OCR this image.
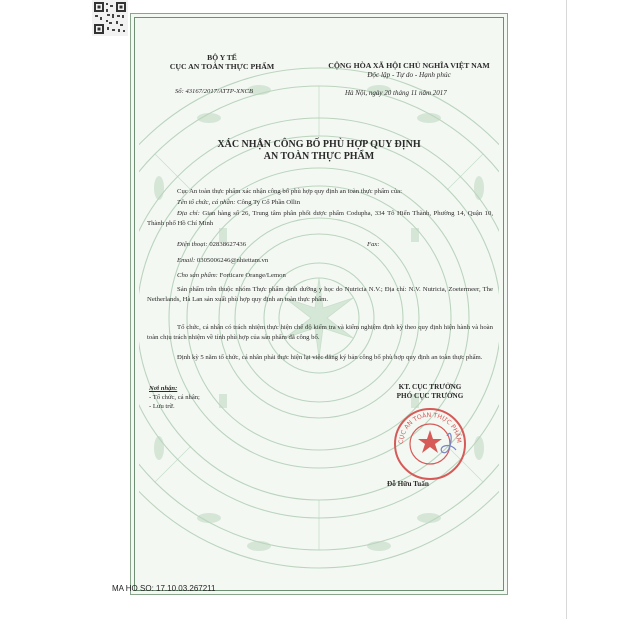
BỘ Y TẾ
CỤC AN TOÀN THỰC PHẨM
Số: 43167/2017/ATTP-XNCB
CỘNG HÒA XÃ HỘI CHỦ NGHĨA VIỆT NAM
Độc lập - Tự do - Hạnh phúc
Hà Nội, ngày 20 tháng 11 năm 2017
XÁC NHẬN CÔNG BỐ PHÙ HỢP QUY ĐỊNH
AN TOÀN THỰC PHẨM
Cục An toàn thực phẩm xác nhận công bố phù hợp quy định an toàn thực phẩm của:
Tên tổ chức, cá nhân: Công Ty Cổ Phần Ollin
Địa chỉ: Gian hàng số 26, Trung tâm phân phối dược phẩm Codupha, 334 Tô Hiến Thành, Phường 14, Quận 10, Thành phố Hồ Chí Minh
Điện thoại: 02838627436	Fax:
Email: 0305006246@nhiettam.vn
Cho sản phẩm: Forticare Orange/Lemon
Sản phẩm trên thuộc nhóm Thực phẩm dinh dưỡng y học do Nutricia N.V.; Địa chỉ: N.V. Nutricia, Zoetermeer, The Netherlands, Hà Lan sản xuất phù hợp quy định an toàn thực phẩm.
Tổ chức, cá nhân có trách nhiệm thực hiện chế độ kiểm tra và kiểm nghiệm định kỳ theo quy định hiện hành và hoàn toàn chịu trách nhiệm về tính phù hợp của sản phẩm đã công bố.
Định kỳ 5 năm tổ chức, cá nhân phải thực hiện lại việc đăng ký bản công bố phù hợp quy định an toàn thực phẩm.
Nơi nhận:
- Tổ chức, cá nhân;
- Lưu trữ.
KT. CỤC TRƯỞNG
PHÓ CỤC TRƯỞNG
CỤC AN TOÀN THỰC PHẨM
Đỗ Hữu Tuấn
MA HO SO: 17.10.03.267211
